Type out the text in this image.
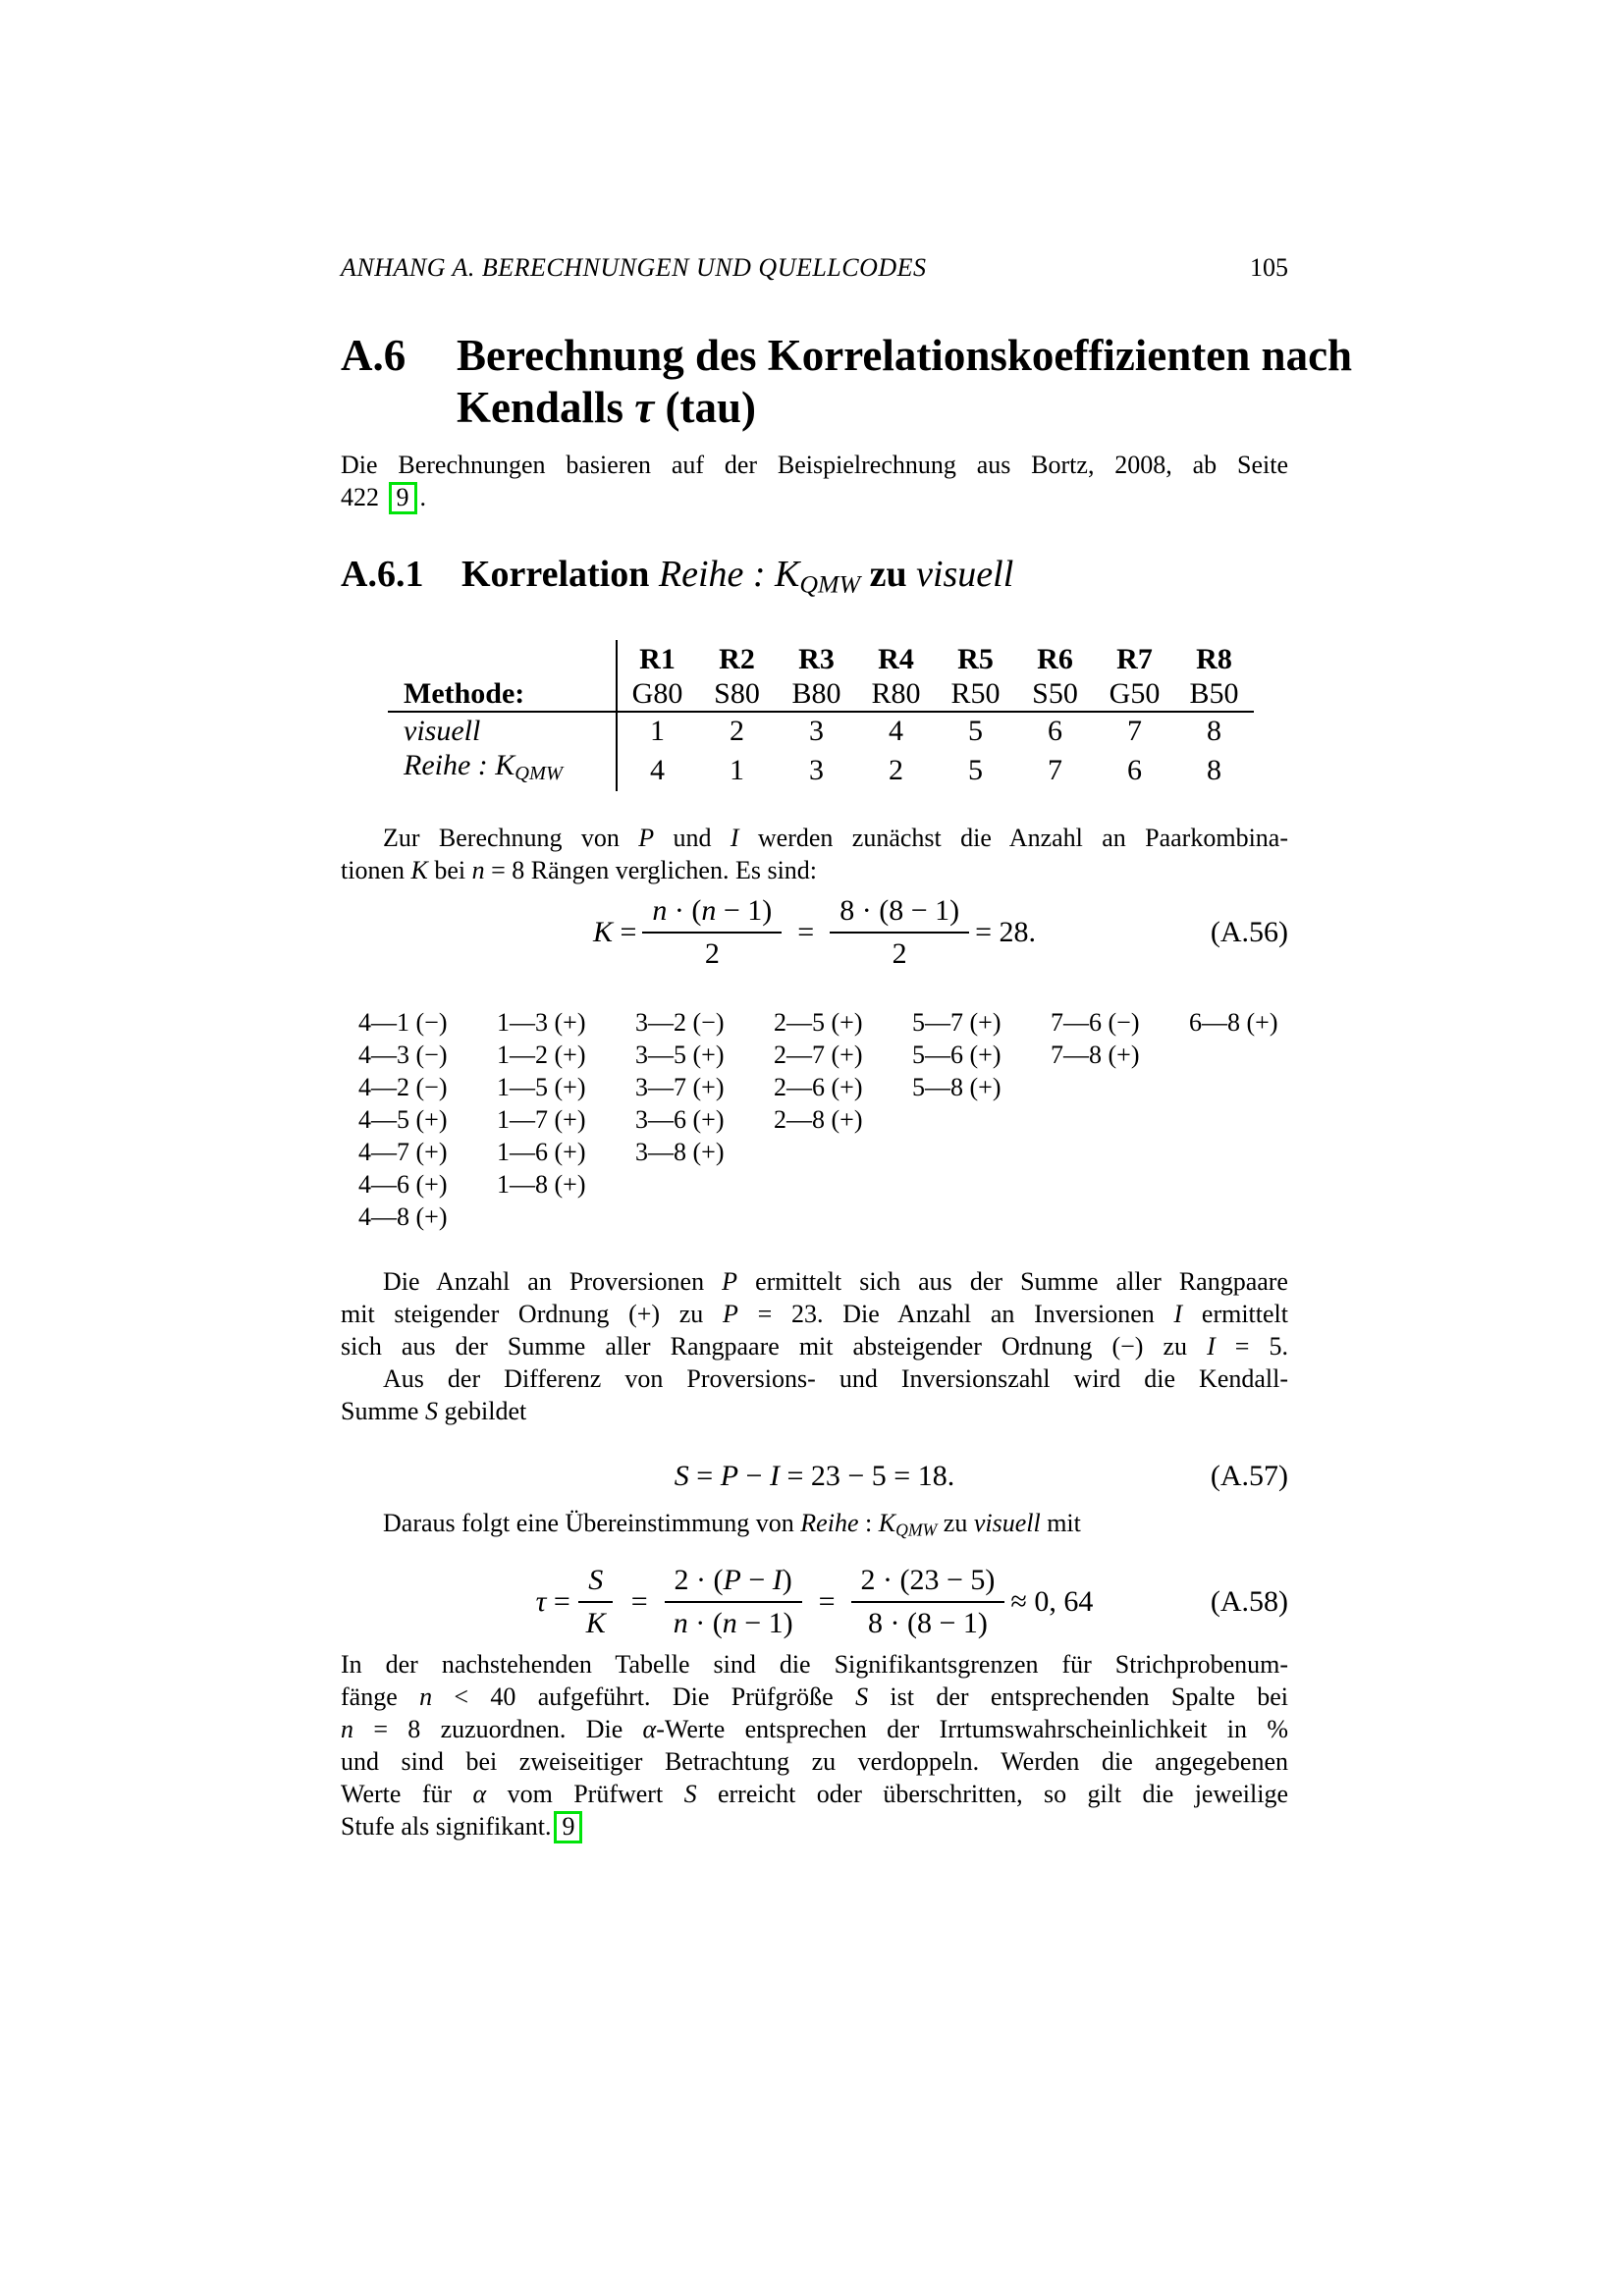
ANHANG A. BERECHNUNGEN UND QUELLCODES	105
A.6	Berechnung des Korrelationskoeffizienten nach
Kendalls τ (tau)
Die Berechnungen basieren auf der Beispielrechnung aus Bortz, 2008, ab Seite
422 9 .
A.6.1	Korrelation Reihe : $K_{QMW}$ zu visuell
Methode:	R1	R2	R3	R4	R5	R6	R7	R8
	G80	S80	B80	R80	R50	S50	G50	B50
visuell	1	2	3	4	5	6	7	8
Reihe : $K_{QMW}$	4	1	3	2	5	7	6	8
Zur Berechnung von P und I werden zunächst die Anzahl an Paarkombina-
tionen K bei n = 8 Rängen verglichen. Es sind:
$K = \frac{n \cdot (n - 1)}{2} = \frac{8 \cdot (8 - 1)}{2} = 28$.	(A.56)
4—1 (−) 1—3 (+) 3—2 (−) 2—5 (+) 5—7 (+) 7—6 (−) 6—8 (+)
4—3 (−) 1—2 (+) 3—5 (+) 2—7 (+) 5—6 (+) 7—8 (+)
4—2 (−) 1—5 (+) 3—7 (+) 2—6 (+) 5—8 (+)
4—5 (+) 1—7 (+) 3—6 (+) 2—8 (+)
4—7 (+) 1—6 (+) 3—8 (+)
4—6 (+) 1—8 (+)
4—8 (+)
Die Anzahl an Proversionen P ermittelt sich aus der Summe aller Rangpaare
mit steigender Ordnung (+) zu P = 23. Die Anzahl an Inversionen I ermittelt
sich aus der Summe aller Rangpaare mit absteigender Ordnung (−) zu I = 5.
Aus der Differenz von Proversions- und Inversionszahl wird die Kendall-
Summe S gebildet
S = P − I = 23 − 5 = 18.	(A.57)
Daraus folgt eine Übereinstimmung von Reihe : $K_{QMW}$ zu visuell mit
$\tau = \frac{S}{K} = \frac{2 \cdot (P - I)}{n \cdot (n - 1)} = \frac{2 \cdot (23 - 5)}{8 \cdot (8 - 1)} \approx 0$, 64	(A.58)
In der nachstehenden Tabelle sind die Signifikantsgrenzen für Strichprobenum-
fänge n < 40 aufgeführt. Die Prüfgröße S ist der entsprechenden Spalte bei
n = 8 zuzuordnen. Die α-Werte entsprechen der Irrtumswahrscheinlichkeit in %
und sind bei zweiseitiger Betrachtung zu verdoppeln. Werden die angegebenen
Werte für α vom Prüfwert S erreicht oder überschritten, so gilt die jeweilige
Stufe als signifikant. 9
